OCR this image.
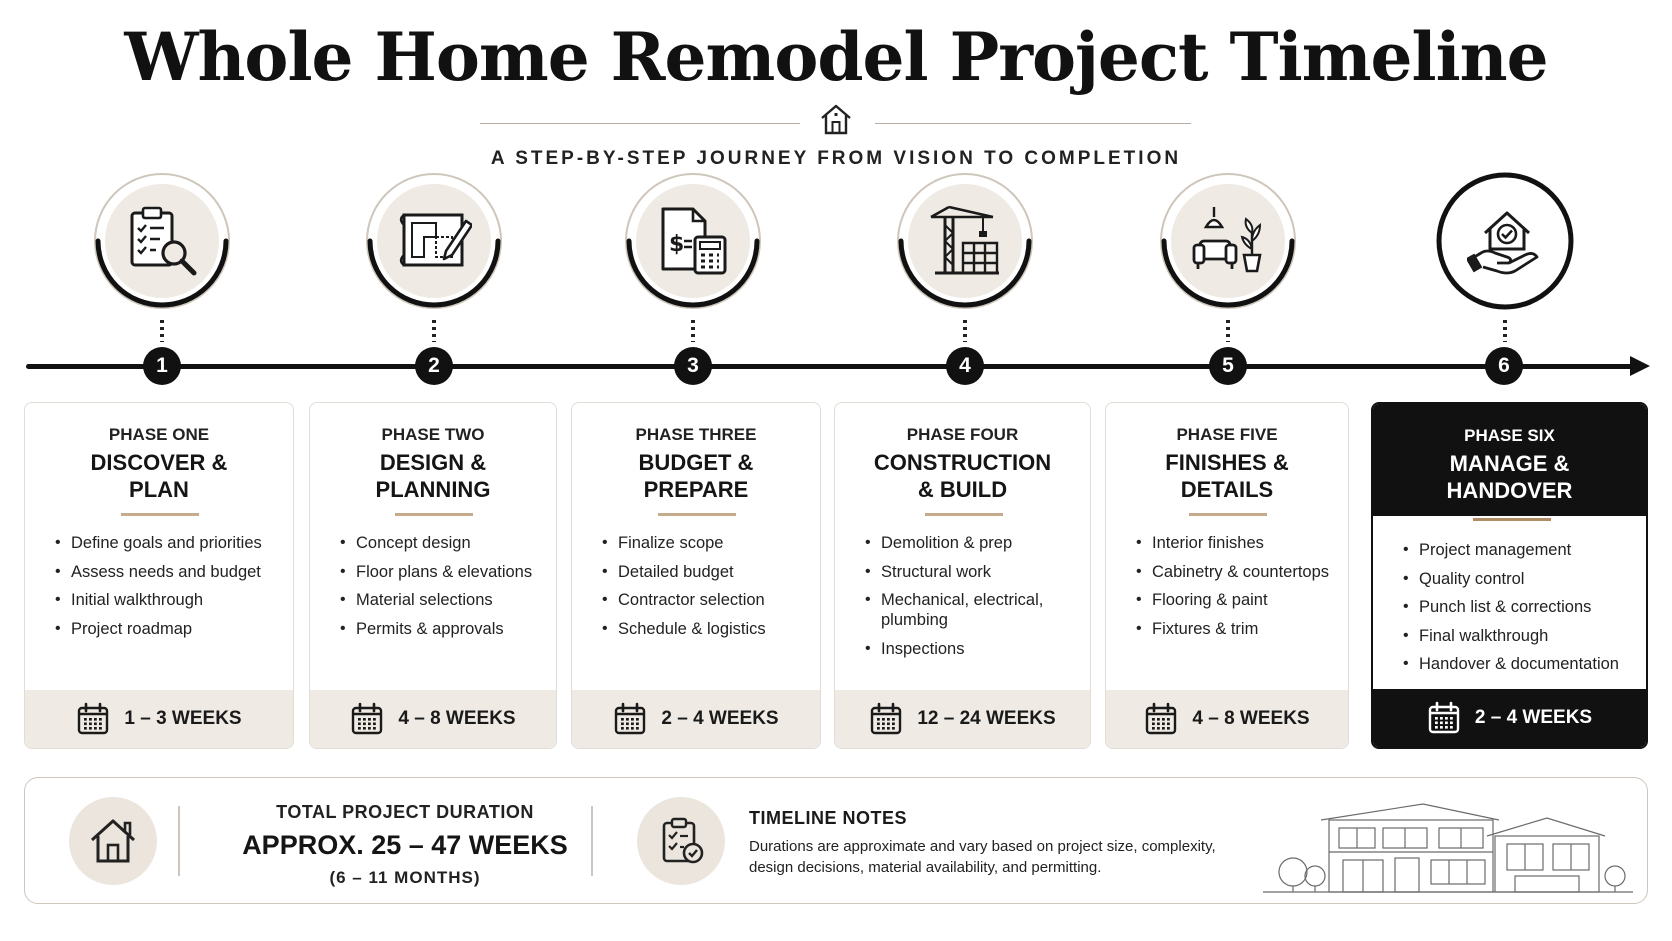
Whole Home Remodel Project Timeline
A STEP-BY-STEP JOURNEY FROM VISION TO COMPLETION
$
1	2	3	4	5	6
PHASE ONE
DISCOVER &
PLAN
• Define goals and priorities
• Assess needs and budget
• Initial walkthrough
• Project roadmap
1 – 3 WEEKS
PHASE TWO
DESIGN &
PLANNING
• Concept design
• Floor plans & elevations
• Material selections
• Permits & approvals
4 – 8 WEEKS
PHASE THREE
BUDGET &
PREPARE
• Finalize scope
• Detailed budget
• Contractor selection
• Schedule & logistics
2 – 4 WEEKS
PHASE FOUR
CONSTRUCTION
& BUILD
• Demolition & prep
• Structural work
• Mechanical, electrical, plumbing
• Inspections
12 – 24 WEEKS
PHASE FIVE
FINISHES &
DETAILS
• Interior finishes
• Cabinetry & countertops
• Flooring & paint
• Fixtures & trim
4 – 8 WEEKS
PHASE SIX
MANAGE &
HANDOVER
• Project management
• Quality control
• Punch list & corrections
• Final walkthrough
• Handover & documentation
2 – 4 WEEKS
TOTAL PROJECT DURATION
APPROX. 25 – 47 WEEKS
(6 – 11 MONTHS)
TIMELINE NOTES
Durations are approximate and vary based on project size, complexity, design decisions, material availability, and permitting.
